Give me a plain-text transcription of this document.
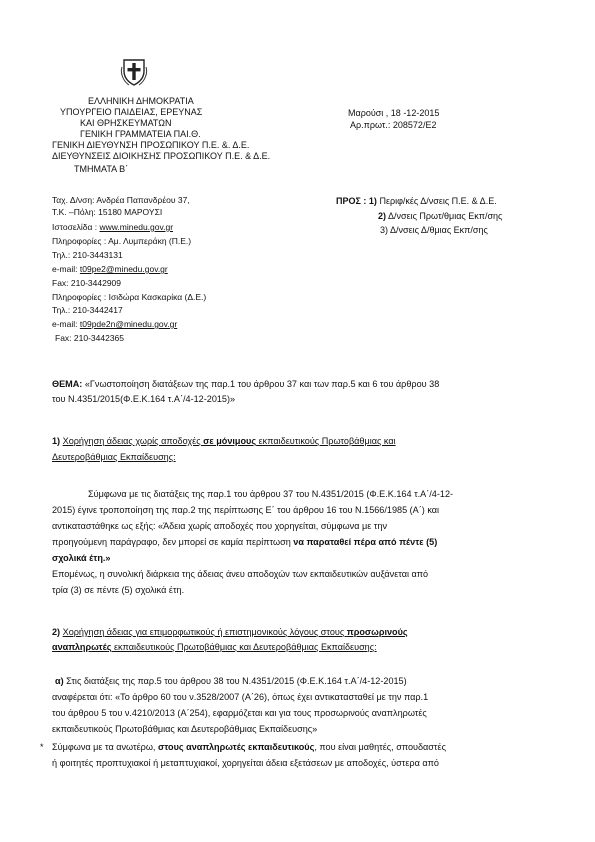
ΕΛΛΗΝΙΚΗ ΔΗΜΟΚΡΑΤΙΑ
ΥΠΟΥΡΓΕΙΟ ΠΑΙΔΕΙΑΣ, ΕΡΕΥΝΑΣ
ΚΑΙ ΘΡΗΣΚΕΥΜΑΤΩΝ
ΓΕΝΙΚΗ ΓΡΑΜΜΑΤΕΙΑ ΠΑΙ.Θ.
ΓΕΝΙΚΗ ΔΙΕΥΘΥΝΣΗ ΠΡΟΣΩΠΙΚΟΥ Π.Ε. &. Δ.Ε.
ΔΙΕΥΘΥΝΣΕΙΣ ΔΙΟΙΚΗΣΗΣ ΠΡΟΣΩΠΙΚΟΥ Π.Ε. & Δ.Ε.
ΤΜΗΜΑΤΑ Β΄
Μαρούσι , 18 -12-2015
Αρ.πρωτ.: 208572/Ε2
Ταχ. Δ/νση: Ανδρέα Παπανδρέου 37,
Τ.Κ. –Πόλη: 15180 ΜΑΡΟΥΣΙ
Ιστοσελίδα : www.minedu.gov.gr
Πληροφορίες : Αμ. Λυμπεράκη (Π.Ε.)
Τηλ.: 210-3443131
e-mail: t09pe2@minedu.gov.gr
Fax: 210-3442909
Πληροφορίες : Ισιδώρα Κασκαρίκα (Δ.Ε.)
Τηλ.: 210-3442417
e-mail: t09pde2n@minedu.gov.gr
Fax: 210-3442365
ΠΡΟΣ : 1) Περιφ/κές Δ/νσεις Π.Ε. & Δ.Ε.
2) Δ/νσεις Πρωτ/θμιας Εκπ/σης
3) Δ/νσεις Δ/θμιας Εκπ/σης
ΘΕΜΑ: «Γνωστοποίηση διατάξεων της παρ.1 του άρθρου 37 και των παρ.5 και 6 του άρθρου 38
του Ν.4351/2015(Φ.Ε.Κ.164 τ.Α΄/4-12-2015)»
1) Χορήγηση άδειας χωρίς αποδοχές σε μόνιμους εκπαιδευτικούς Πρωτοβάθμιας και
Δευτεροβάθμιας Εκπαίδευσης:
Σύμφωνα με τις διατάξεις της παρ.1 του άρθρου 37 του Ν.4351/2015 (Φ.Ε.Κ.164 τ.Α΄/4-12-
2015) έγινε τροποποίηση της παρ.2 της περίπτωσης Ε΄ του άρθρου 16 του Ν.1566/1985 (Α΄) και
αντικαταστάθηκε ως εξής: «Άδεια χωρίς αποδοχές που χορηγείται, σύμφωνα με την
προηγούμενη παράγραφο, δεν μπορεί σε καμία περίπτωση να παραταθεί πέρα από πέντε (5)
σχολικά έτη.»
Επομένως, η συνολική διάρκεια της άδειας άνευ αποδοχών των εκπαιδευτικών αυξάνεται από
τρία (3) σε πέντε (5) σχολικά έτη.
2) Χορήγηση άδειας για επιμορφωτικούς ή επιστημονικούς λόγους στους προσωρινούς
αναπληρωτές εκπαιδευτικούς Πρωτοβάθμιας και Δευτεροβάθμιας Εκπαίδευσης:
α) Στις διατάξεις της παρ.5 του άρθρου 38 του Ν.4351/2015 (Φ.Ε.Κ.164 τ.Α΄/4-12-2015)
αναφέρεται ότι: «Το άρθρο 60 του ν.3528/2007 (Α΄26), όπως έχει αντικατασταθεί με την παρ.1
του άρθρου 5 του ν.4210/2013 (Α΄254), εφαρμόζεται και για τους προσωρινούς αναπληρωτές
εκπαιδευτικούς Πρωτοβάθμιας και Δευτεροβάθμιας Εκπαίδευσης»
* Σύμφωνα με τα ανωτέρω, στους αναπληρωτές εκπαιδευτικούς, που είναι μαθητές, σπουδαστές
ή φοιτητές προπτυχιακοί ή μεταπτυχιακοί, χορηγείται άδεια εξετάσεων με αποδοχές, ύστερα από
